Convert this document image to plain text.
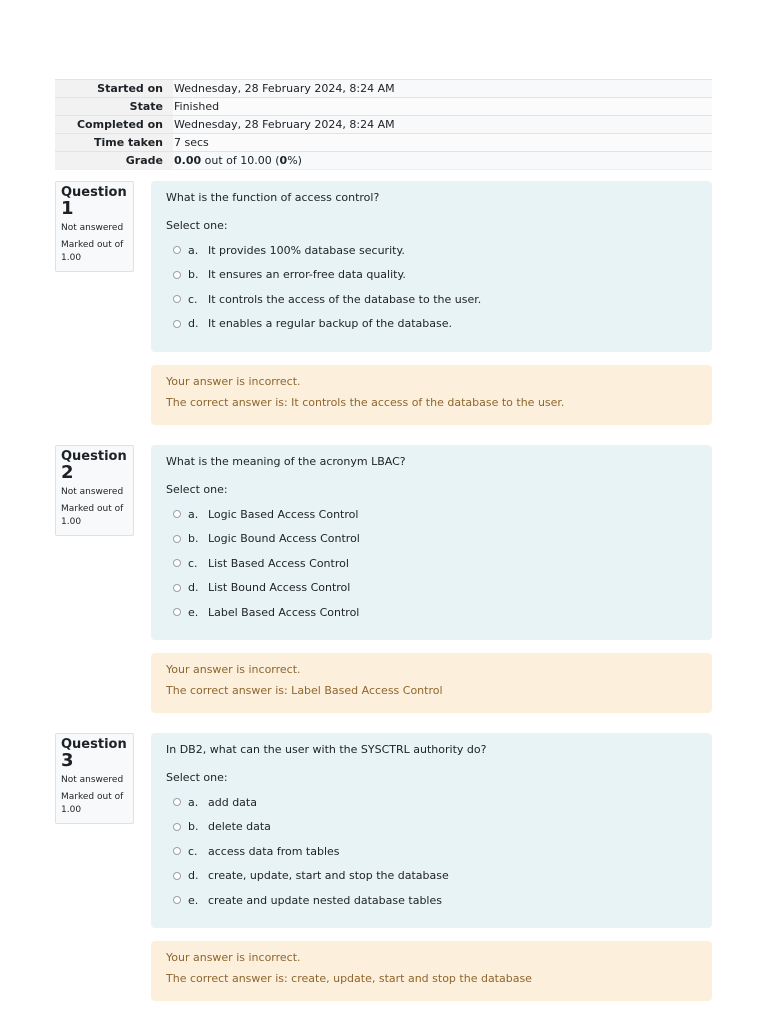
Started on	Wednesday, 28 February 2024, 8:24 AM
State	Finished
Completed on	Wednesday, 28 February 2024, 8:24 AM
Time taken	7 secs
Grade	0.00 out of 10.00 (0%)
Question
1
Not answered
Marked out of 1.00
What is the function of access control?
Select one:
a. It provides 100% database security.
b. It ensures an error-free data quality.
c. It controls the access of the database to the user.
d. It enables a regular backup of the database.
Your answer is incorrect.
The correct answer is: It controls the access of the database to the user.
Question
2
Not answered
Marked out of 1.00
What is the meaning of the acronym LBAC?
Select one:
a. Logic Based Access Control
b. Logic Bound Access Control
c. List Based Access Control
d. List Bound Access Control
e. Label Based Access Control
Your answer is incorrect.
The correct answer is: Label Based Access Control
Question
3
Not answered
Marked out of 1.00
In DB2, what can the user with the SYSCTRL authority do?
Select one:
a. add data
b. delete data
c. access data from tables
d. create, update, start and stop the database
e. create and update nested database tables
Your answer is incorrect.
The correct answer is: create, update, start and stop the database
